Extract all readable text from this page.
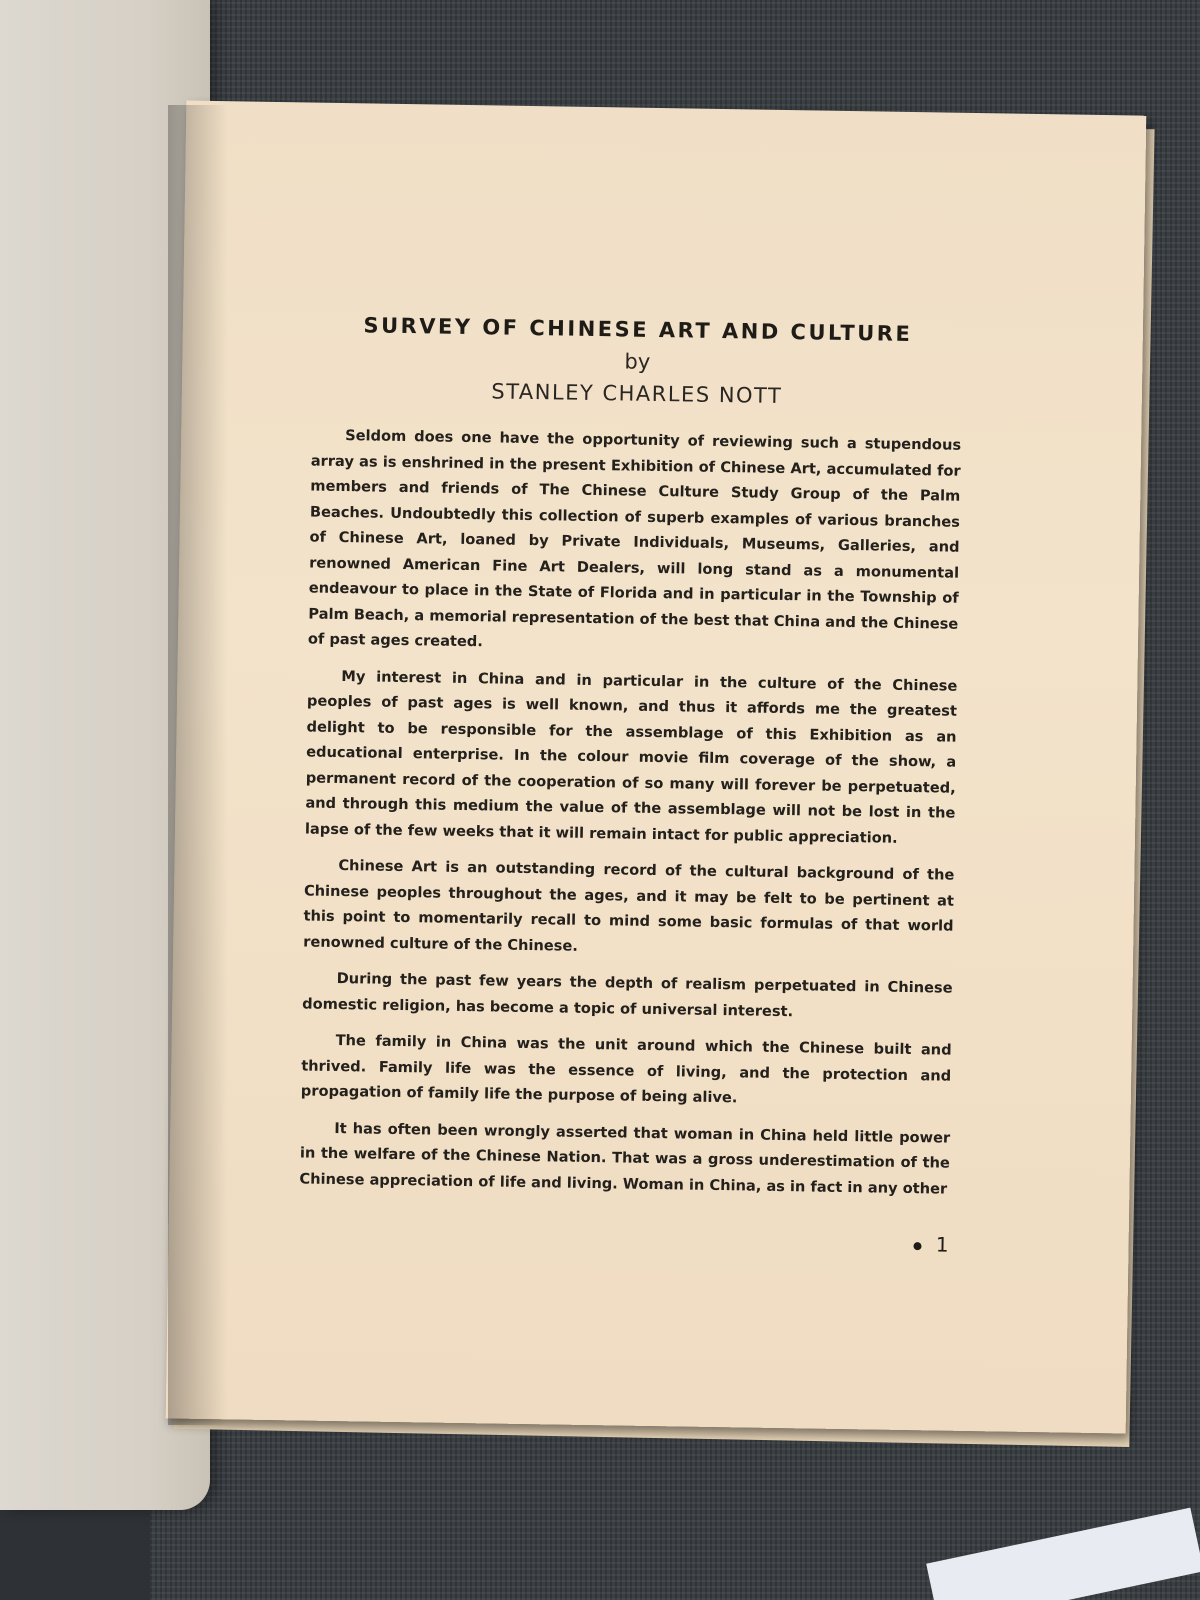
SURVEY OF CHINESE ART AND CULTURE
by
STANLEY CHARLES NOTT

Seldom does one have the opportunity of reviewing such a stupendous array as is enshrined in the present Exhibition of Chinese Art, accumulated for members and friends of The Chinese Culture Study Group of the Palm Beaches. Undoubtedly this collection of superb examples of various branches of Chinese Art, loaned by Private Individuals, Museums, Galleries, and renowned American Fine Art Dealers, will long stand as a monumental endeavour to place in the State of Florida and in particular in the Township of Palm Beach, a memorial representation of the best that China and the Chinese of past ages created.

My interest in China and in particular in the culture of the Chinese peoples of past ages is well known, and thus it affords me the greatest delight to be responsible for the assemblage of this Exhibition as an educational enterprise. In the colour movie film coverage of the show, a permanent record of the cooperation of so many will forever be perpetuated, and through this medium the value of the assemblage will not be lost in the lapse of the few weeks that it will remain intact for public appreciation.

Chinese Art is an outstanding record of the cultural background of the Chinese peoples throughout the ages, and it may be felt to be pertinent at this point to momentarily recall to mind some basic formulas of that world renowned culture of the Chinese.

During the past few years the depth of realism perpetuated in Chinese domestic religion, has become a topic of universal interest.

The family in China was the unit around which the Chinese built and thrived. Family life was the essence of living, and the protection and propagation of family life the purpose of being alive.

It has often been wrongly asserted that woman in China held little power in the welfare of the Chinese Nation. That was a gross underestimation of the Chinese appreciation of life and living. Woman in China, as in fact in any other

1
